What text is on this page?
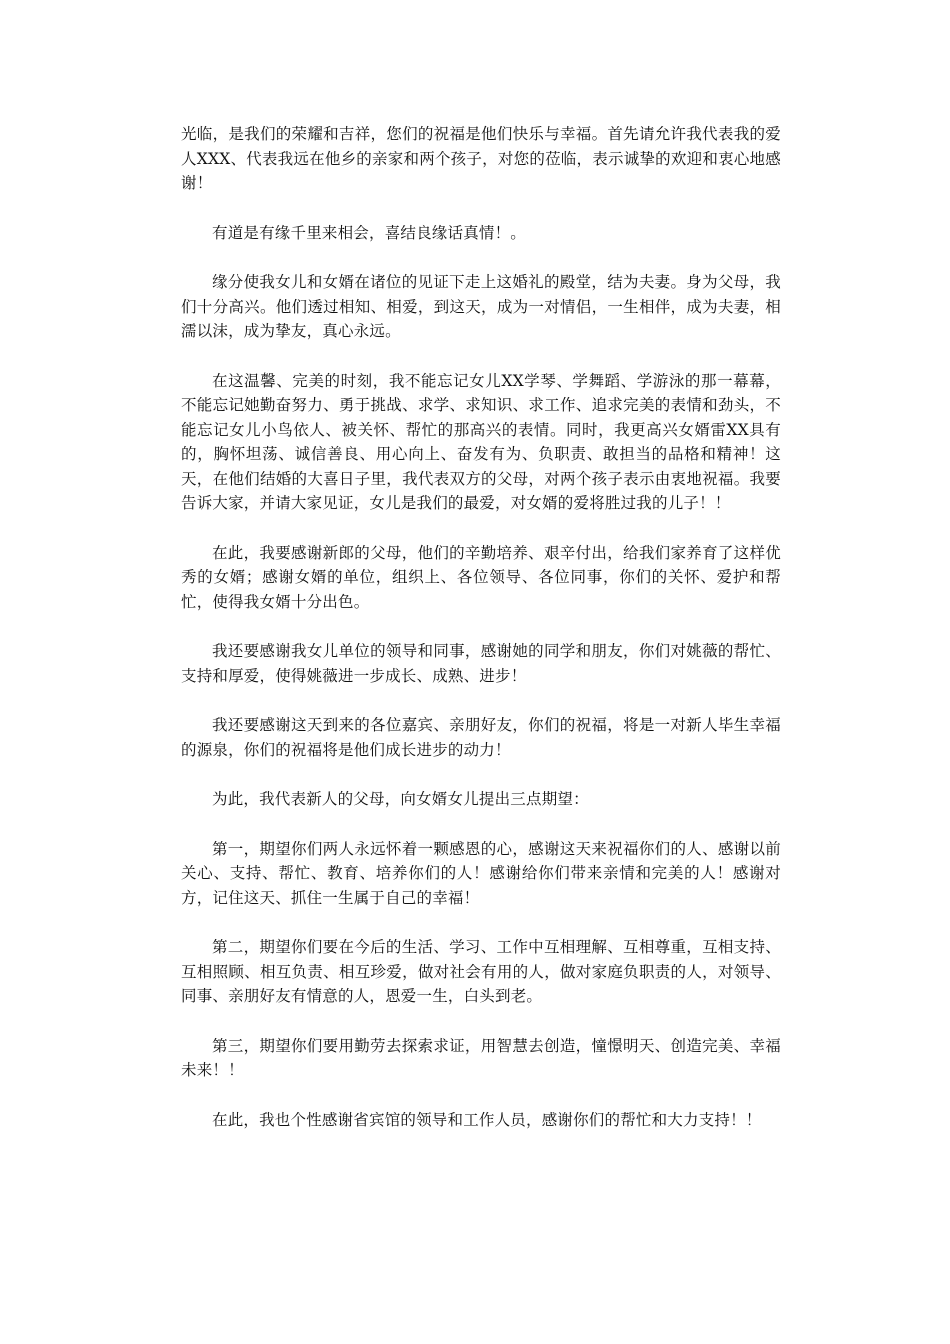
光临，是我们的荣耀和吉祥，您们的祝福是他们快乐与幸福。首先请允许我代表我的爱人XXX、代表我远在他乡的亲家和两个孩子，对您的莅临，表示诚挚的欢迎和衷心地感谢！

有道是有缘千里来相会，喜结良缘话真情！。

缘分使我女儿和女婿在诸位的见证下走上这婚礼的殿堂，结为夫妻。身为父母，我们十分高兴。他们透过相知、相爱，到这天，成为一对情侣，一生相伴，成为夫妻，相濡以沫，成为挚友，真心永远。

在这温馨、完美的时刻，我不能忘记女儿XX学琴、学舞蹈、学游泳的那一幕幕，不能忘记她勤奋努力、勇于挑战、求学、求知识、求工作、追求完美的表情和劲头，不能忘记女儿小鸟依人、被关怀、帮忙的那高兴的表情。同时，我更高兴女婿雷XX具有的，胸怀坦荡、诚信善良、用心向上、奋发有为、负职责、敢担当的品格和精神！这天，在他们结婚的大喜日子里，我代表双方的父母，对两个孩子表示由衷地祝福。我要告诉大家，并请大家见证，女儿是我们的最爱，对女婿的爱将胜过我的儿子！！

在此，我要感谢新郎的父母，他们的辛勤培养、艰辛付出，给我们家养育了这样优秀的女婿；感谢女婿的单位，组织上、各位领导、各位同事，你们的关怀、爱护和帮忙，使得我女婿十分出色。

我还要感谢我女儿单位的领导和同事，感谢她的同学和朋友，你们对姚薇的帮忙、支持和厚爱，使得姚薇进一步成长、成熟、进步！

我还要感谢这天到来的各位嘉宾、亲朋好友，你们的祝福，将是一对新人毕生幸福的源泉，你们的祝福将是他们成长进步的动力！

为此，我代表新人的父母，向女婿女儿提出三点期望：

第一，期望你们两人永远怀着一颗感恩的心，感谢这天来祝福你们的人、感谢以前关心、支持、帮忙、教育、培养你们的人！感谢给你们带来亲情和完美的人！感谢对方，记住这天、抓住一生属于自己的幸福！

第二，期望你们要在今后的生活、学习、工作中互相理解、互相尊重，互相支持、互相照顾、相互负责、相互珍爱，做对社会有用的人，做对家庭负职责的人，对领导、同事、亲朋好友有情意的人，恩爱一生，白头到老。

第三，期望你们要用勤劳去探索求证，用智慧去创造，憧憬明天、创造完美、幸福未来！！

在此，我也个性感谢省宾馆的领导和工作人员，感谢你们的帮忙和大力支持！！
